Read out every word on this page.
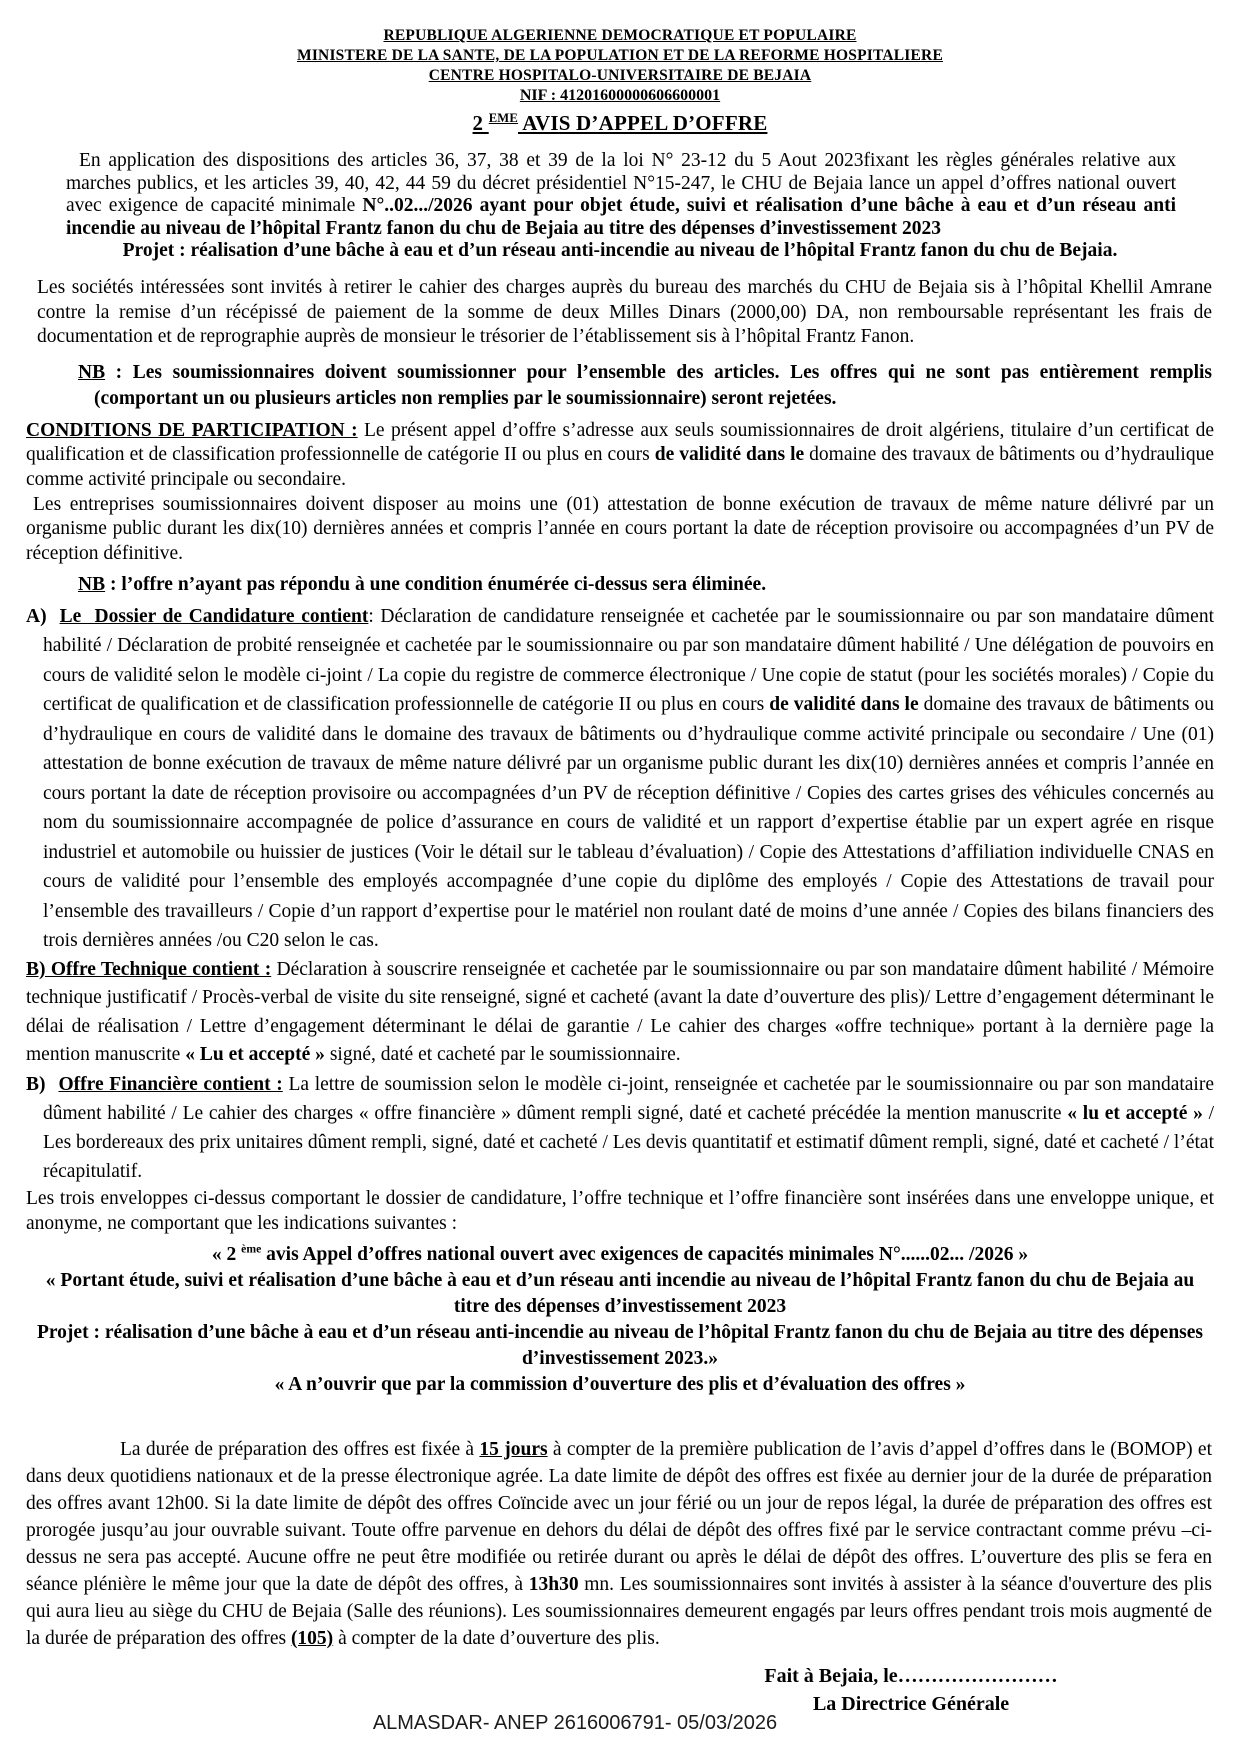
REPUBLIQUE ALGERIENNE DEMOCRATIQUE ET POPULAIRE

MINISTERE DE LA SANTE, DE LA POPULATION ET DE LA REFORME HOSPITALIERE

CENTRE HOSPITALO-UNIVERSITAIRE DE BEJAIA

NIF : 41201600000606600001

2 $^{EME}$ AVIS D’APPEL D’OFFRE

En application des dispositions des articles 36, 37, 38 et 39 de la loi N° 23-12 du 5 Aout 2023fixant les règles générales relative aux marches publics, et les articles 39, 40, 42, 44 59 du décret présidentiel N°15-247, le CHU de Bejaia lance un appel d’offres national ouvert avec exigence de capacité minimale N°..02.../2026 ayant pour objet étude, suivi et réalisation d’une bâche à eau et d’un réseau anti incendie au niveau de l’hôpital Frantz fanon du chu de Bejaia au titre des dépenses d’investissement 2023

Projet : réalisation d’une bâche à eau et d’un réseau anti-incendie au niveau de l’hôpital Frantz fanon du chu de Bejaia.

Les sociétés intéressées sont invités à retirer le cahier des charges auprès du bureau des marchés du CHU de Bejaia sis à l’hôpital Khellil Amrane contre la remise d’un récépissé de paiement de la somme de deux Milles Dinars (2000,00) DA, non remboursable représentant les frais de documentation et de reprographie auprès de monsieur le trésorier de l’établissement sis à l’hôpital Frantz Fanon.

NB : Les soumissionnaires doivent soumissionner pour l’ensemble des articles. Les offres qui ne sont pas entièrement remplis (comportant un ou plusieurs articles non remplies par le soumissionnaire) seront rejetées.

CONDITIONS DE PARTICIPATION : Le présent appel d’offre s’adresse aux seuls soumissionnaires de droit algériens, titulaire d’un certificat de qualification et de classification professionnelle de catégorie II ou plus en cours de validité dans le domaine des travaux de bâtiments ou d’hydraulique comme activité principale ou secondaire.

Les entreprises soumissionnaires doivent disposer au moins une (01) attestation de bonne exécution de travaux de même nature délivré par un organisme public durant les dix(10) dernières années et compris l’année en cours portant la date de réception provisoire ou accompagnées d’un PV de réception définitive.

NB : l’offre n’ayant pas répondu à une condition énumérée ci-dessus sera éliminée.

A) Le  Dossier de Candidature contient: Déclaration de candidature renseignée et cachetée par le soumissionnaire ou par son mandataire dûment habilité / Déclaration de probité renseignée et cachetée par le soumissionnaire ou par son mandataire dûment habilité / Une délégation de pouvoirs en cours de validité selon le modèle ci-joint / La copie du registre de commerce électronique / Une copie de statut (pour les sociétés morales) / Copie du certificat de qualification et de classification professionnelle de catégorie II ou plus en cours de validité dans le domaine des travaux de bâtiments ou d’hydraulique en cours de validité dans le domaine des travaux de bâtiments ou d’hydraulique comme activité principale ou secondaire / Une (01) attestation de bonne exécution de travaux de même nature délivré par un organisme public durant les dix(10) dernières années et compris l’année en cours portant la date de réception provisoire ou accompagnées d’un PV de réception définitive / Copies des cartes grises des véhicules concernés au nom du soumissionnaire accompagnée de police d’assurance en cours de validité et un rapport d’expertise établie par un expert agrée en risque industriel et automobile ou huissier de justices (Voir le détail sur le tableau d’évaluation) / Copie des Attestations d’affiliation individuelle CNAS en cours de validité pour l’ensemble des employés accompagnée d’une copie du diplôme des employés / Copie des Attestations de travail pour l’ensemble des travailleurs / Copie d’un rapport d’expertise pour le matériel non roulant daté de moins d’une année / Copies des bilans financiers des trois dernières années /ou C20 selon le cas.

B) Offre Technique contient : Déclaration à souscrire renseignée et cachetée par le soumissionnaire ou par son mandataire dûment habilité / Mémoire technique justificatif / Procès-verbal de visite du site renseigné, signé et cacheté (avant la date d’ouverture des plis)/ Lettre d’engagement déterminant le délai de réalisation / Lettre d’engagement déterminant le délai de garantie / Le cahier des charges «offre technique» portant à la dernière page la mention manuscrite « Lu et accepté » signé, daté et cacheté par le soumissionnaire.

B) Offre Financière contient : La lettre de soumission selon le modèle ci-joint, renseignée et cachetée par le soumissionnaire ou par son mandataire dûment habilité / Le cahier des charges « offre financière » dûment rempli signé, daté et cacheté précédée la mention manuscrite « lu et accepté » / Les bordereaux des prix unitaires dûment rempli, signé, daté et cacheté / Les devis quantitatif et estimatif dûment rempli, signé, daté et cacheté / l’état récapitulatif.

Les trois enveloppes ci-dessus comportant le dossier de candidature, l’offre technique et l’offre financière sont insérées dans une enveloppe unique, et anonyme, ne comportant que les indications suivantes :

« 2 $^{ème}$ avis Appel d’offres national ouvert avec exigences de capacités minimales N°......02... /2026 »

« Portant étude, suivi et réalisation d’une bâche à eau et d’un réseau anti incendie au niveau de l’hôpital Frantz fanon du chu de Bejaia au titre des dépenses d’investissement 2023

Projet : réalisation d’une bâche à eau et d’un réseau anti-incendie au niveau de l’hôpital Frantz fanon du chu de Bejaia au titre des dépenses d’investissement 2023.»

« A n’ouvrir que par la commission d’ouverture des plis et d’évaluation des offres »

La durée de préparation des offres est fixée à 15 jours à compter de la première publication de l’avis d’appel d’offres dans le (BOMOP) et dans deux quotidiens nationaux et de la presse électronique agrée. La date limite de dépôt des offres est fixée au dernier jour de la durée de préparation des offres avant 12h00. Si la date limite de dépôt des offres Coïncide avec un jour férié ou un jour de repos légal, la durée de préparation des offres est prorogée jusqu’au jour ouvrable suivant. Toute offre parvenue en dehors du délai de dépôt des offres fixé par le service contractant comme prévu –ci-dessus ne sera pas accepté. Aucune offre ne peut être modifiée ou retirée durant ou après le délai de dépôt des offres. L’ouverture des plis se fera en séance plénière le même jour que la date de dépôt des offres, à 13h30 mn. Les soumissionnaires sont invités à assister à la séance d'ouverture des plis qui aura lieu au siège du CHU de Bejaia (Salle des réunions). Les soumissionnaires demeurent engagés par leurs offres pendant trois mois augmenté de la durée de préparation des offres (105) à compter de la date d’ouverture des plis.

Fait à Bejaia, le……………………

La Directrice Générale

ALMASDAR- ANEP 2616006791- 05/03/2026
